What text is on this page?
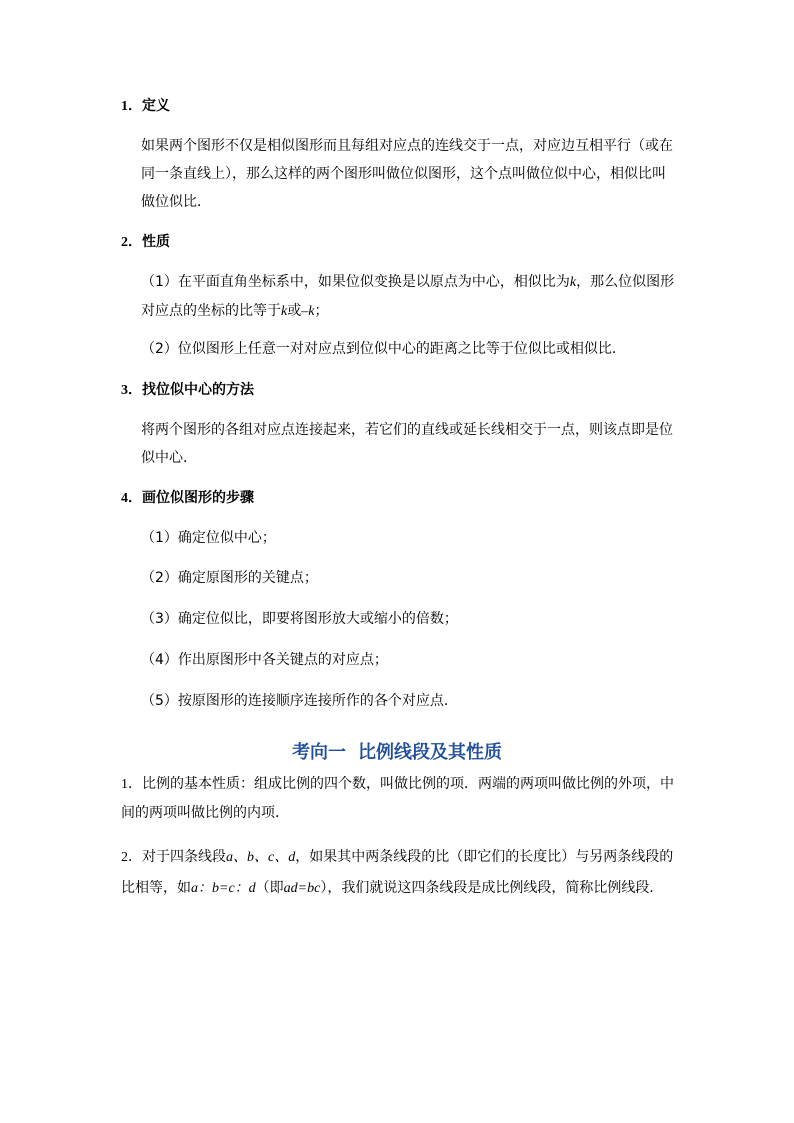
1．定义
如果两个图形不仅是相似图形而且每组对应点的连线交于一点，对应边互相平行（或在同一条直线上），那么这样的两个图形叫做位似图形，这个点叫做位似中心，相似比叫做位似比．
2．性质
（1）在平面直角坐标系中，如果位似变换是以原点为中心，相似比为k，那么位似图形对应点的坐标的比等于k或–k；
（2）位似图形上任意一对对应点到位似中心的距离之比等于位似比或相似比．
3．找位似中心的方法
将两个图形的各组对应点连接起来，若它们的直线或延长线相交于一点，则该点即是位似中心．
4．画位似图形的步骤
（1）确定位似中心；
（2）确定原图形的关键点；
（3）确定位似比，即要将图形放大或缩小的倍数；
（4）作出原图形中各关键点的对应点；
（5）按原图形的连接顺序连接所作的各个对应点．
考向一 比例线段及其性质
1．比例的基本性质：组成比例的四个数，叫做比例的项．两端的两项叫做比例的外项，中间的两项叫做比例的内项．
2．对于四条线段a、b、c、d，如果其中两条线段的比（即它们的长度比）与另两条线段的比相等，如a：b=c：d（即ad=bc），我们就说这四条线段是成比例线段，简称比例线段．
